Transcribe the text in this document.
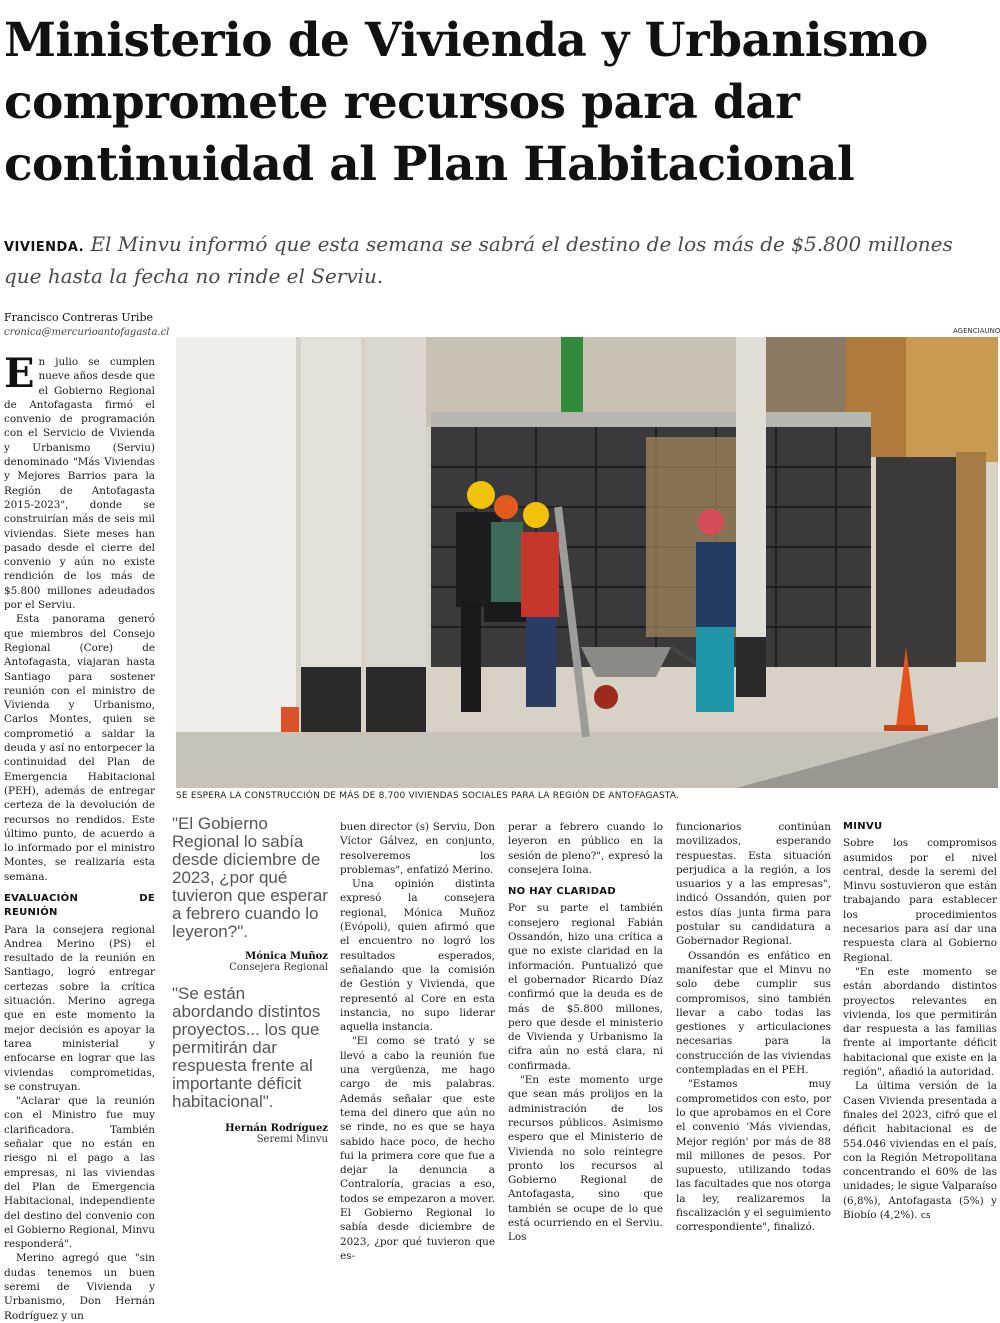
Ministerio de Vivienda y Urbanismo compromete recursos para dar continuidad al Plan Habitacional
VIVIENDA. El Minvu informó que esta semana se sabrá el destino de los más de $5.800 millones que hasta la fecha no rinde el Serviu.
Francisco Contreras Uribe
cronica@mercurioantofagasta.cl

En julio se cumplen nueve años desde que el Gobierno Regional de Antofagasta firmó el convenio de programación con el Servicio de Vivienda y Urbanismo (Serviu) denominado "Más Viviendas y Mejores Barrios para la Región de Antofagasta 2015-2023", donde se construirían más de seis mil viviendas. Siete meses han pasado desde el cierre del convenio y aún no existe rendición de los más de $5.800 millones adeudados por el Serviu.

Esta panorama generó que miembros del Consejo Regional (Core) de Antofagasta, viajaran hasta Santiago para sostener reunión con el ministro de Vivienda y Urbanismo, Carlos Montes, quien se comprometió a saldar la deuda y así no entorpecer la continuidad del Plan de Emergencia Habitacional (PEH), además de entregar certeza de la devolución de recursos no rendidos. Este último punto, de acuerdo a lo informado por el ministro Montes, se realizaría esta semana.

EVALUACIÓN DE REUNIÓN

Para la consejera regional Andrea Merino (PS) el resultado de la reunión en Santiago, logró entregar certezas sobre la crítica situación. Merino agrega que en este momento la mejor decisión es apoyar la tarea ministerial y enfocarse en lograr que las viviendas comprometidas, se construyan.

"Aclarar que la reunión con el Ministro fue muy clarificadora. También señalar que no están en riesgo ni el pago a las empresas, ni las viviendas del Plan de Emergencia Habitacional, independiente del destino del convenio con el Gobierno Regional, Minvu responderá".

Merino agregó que "sin dudas tenemos un buen seremi de Vivienda y Urbanismo, Don Hernán Rodríguez y un

AGENCIAUNO
SE ESPERA LA CONSTRUCCIÓN DE MÁS DE 8.700 VIVIENDAS SOCIALES PARA LA REGIÓN DE ANTOFAGASTA.
"El Gobierno Regional lo sabía desde diciembre de 2023, ¿por qué tuvieron que esperar a febrero cuando lo leyeron?".
Mónica Muñoz
Consejera Regional
"Se están abordando distintos proyectos... los que permitirán dar respuesta frente al importante déficit habitacional".
Hernán Rodríguez
Seremi Minvu

buen director (s) Serviu, Don Víctor Gálvez, en conjunto, resolveremos los problemas", enfatizó Merino.

Una opinión distinta expresó la consejera regional, Mónica Muñoz (Evópoli), quien afirmó que el encuentro no logró los resultados esperados, señalando que la comisión de Gestión y Vivienda, que representó al Core en esta instancia, no supo liderar aquella instancia.

"El como se trató y se llevó a cabo la reunión fue una vergüenza, me hago cargo de mis palabras. Además señalar que este tema del dinero que aún no se rinde, no es que se haya sabido hace poco, de hecho fui la primera core que fue a dejar la denuncia a Contraloría, gracias a eso, todos se empezaron a mover. El Gobierno Regional lo sabía desde diciembre de 2023, ¿por qué tuvieron que es-

perar a febrero cuando lo leyeron en público en la sesión de pleno?", expresó la consejera Ioina.

NO HAY CLARIDAD

Por su parte el también consejero regional Fabián Ossandón, hizo una crítica a que no existe claridad en la información. Puntualizó que el gobernador Ricardo Díaz confirmó que la deuda es de más de $5.800 millones, pero que desde el ministerio de Vivienda y Urbanismo la cifra aún no está clara, ni confirmada.

"En este momento urge que sean más prolijos en la administración de los recursos públicos. Asimismo espero que el Ministerio de Vivienda no solo reintegre pronto los recursos al Gobierno Regional de Antofagasta, sino que también se ocupe de lo que está ocurriendo en el Serviu. Los

funcionarios continúan movilizados, esperando respuestas. Esta situación perjudica a la región, a los usuarios y a las empresas", indicó Ossandón, quien por estos días junta firma para postular su candidatura a Gobernador Regional.

Ossandón es enfático en manifestar que el Minvu no solo debe cumplir sus compromisos, sino también llevar a cabo todas las gestiones y articulaciones necesarias para la construcción de las viviendas contempladas en el PEH.

"Estamos muy comprometidos con esto, por lo que aprobamos en el Core el convenio 'Más viviendas, Mejor región' por más de 88 mil millones de pesos. Por supuesto, utilizando todas las facultades que nos otorga la ley, realizaremos la fiscalización y el seguimiento correspondiente", finalizó.

MINVU

Sobre los compromisos asumidos por el nivel central, desde la seremi del Minvu sostuvieron que están trabajando para establecer los procedimientos necesarios para así dar una respuesta clara al Gobierno Regional.

"En este momento se están abordando distintos proyectos relevantes en vivienda, los que permitirán dar respuesta a las familias frente al importante déficit habitacional que existe en la región", añadió la autoridad.

La última versión de la Casen Vivienda presentada a finales del 2023, cifró que el déficit habitacional es de 554.046 viviendas en el país, con la Región Metropolitana concentrando el 60% de las unidades; le sigue Valparaíso (6,8%), Antofagasta (5%) y Biobío (4,2%). cs
